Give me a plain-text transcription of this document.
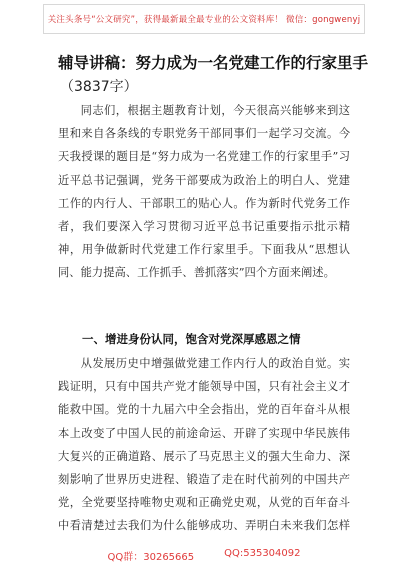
关注头条号“公文研究”，获得最新最全最专业的公文资料库！ 微信：gongwenyj
辅导讲稿：努力成为一名党建工作的行家里手
（3837字）

同志们，根据主题教育计划，今天很高兴能够来到这里和来自各条线的专职党务干部同事们一起学习交流。今天我授课的题目是“努力成为一名党建工作的行家里手”习近平总书记强调，党务干部要成为政治上的明白人、党建工作的内行人、干部职工的贴心人。作为新时代党务工作者，我们要深入学习贯彻习近平总书记重要指示批示精神，用争做新时代党建工作行家里手。下面我从“思想认同、能力提高、工作抓手、善抓落实”四个方面来阐述。

一、增进身份认同，饱含对党深厚感恩之情

从发展历史中增强做党建工作内行人的政治自觉。实践证明，只有中国共产党才能领导中国，只有社会主义才能救中国。党的十九届六中全会指出，党的百年奋斗从根本上改变了中国人民的前途命运、开辟了实现中华民族伟大复兴的正确道路、展示了马克思主义的强大生命力、深刻影响了世界历史进程、锻造了走在时代前列的中国共产党，全党要坚持唯物史观和正确党史观，从党的百年奋斗中看清楚过去我们为什么能够成功、弄明白未来我们怎样

QQ群：30265665	QQ:535304092
